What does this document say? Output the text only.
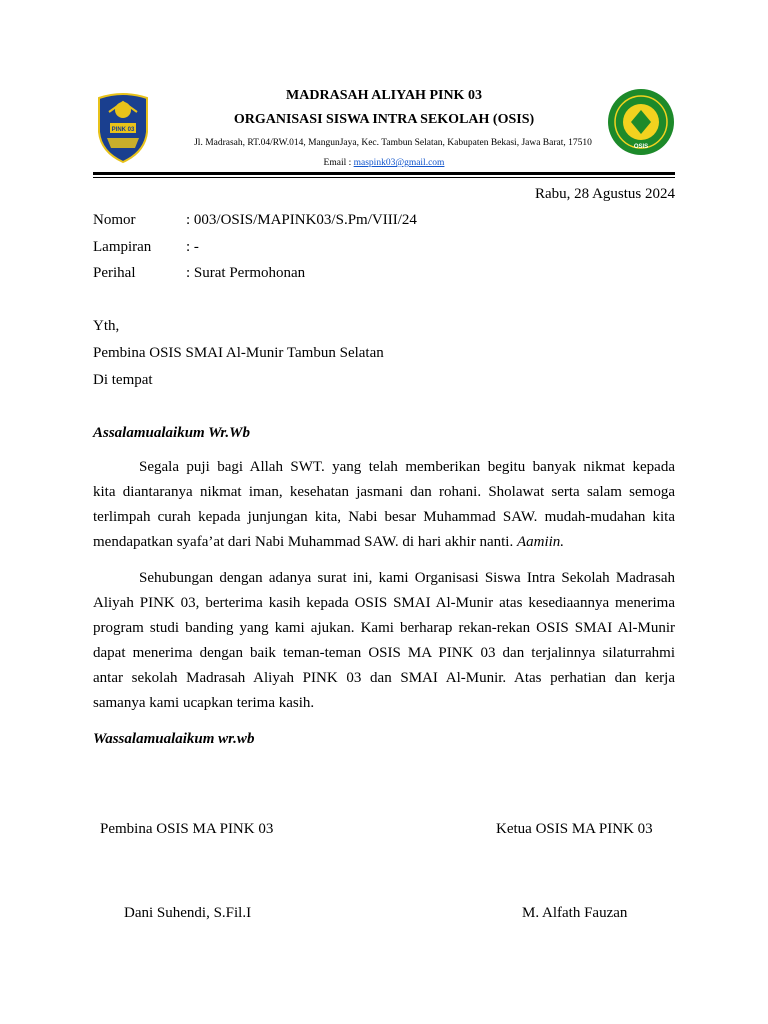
PINK 03
OSIS
MADRASAH ALIYAH PINK 03
ORGANISASI SISWA INTRA SEKOLAH (OSIS)
Jl. Madrasah, RT.04/RW.014, MangunJaya, Kec. Tambun Selatan, Kabupaten Bekasi, Jawa Barat, 17510
Email : maspink03@gmail.com
Rabu, 28 Agustus 2024
Nomor	: 003/OSIS/MAPINK03/S.Pm/VIII/24
Lampiran : -
Perihal	: Surat Permohonan
Yth,
Pembina OSIS SMAI Al-Munir Tambun Selatan
Di tempat
Assalamualaikum Wr.Wb
Segala puji bagi Allah SWT. yang telah memberikan begitu banyak nikmat kepada
kita diantaranya nikmat iman, kesehatan jasmani dan rohani. Sholawat serta salam semoga
terlimpah curah kepada junjungan kita, Nabi besar Muhammad SAW. mudah-mudahan kita
mendapatkan syafa’at dari Nabi Muhammad SAW. di hari akhir nanti. Aamiin.
Sehubungan dengan adanya surat ini, kami Organisasi Siswa Intra Sekolah Madrasah
Aliyah PINK 03, berterima kasih kepada OSIS SMAI Al-Munir atas kesediaannya menerima
program studi banding yang kami ajukan. Kami berharap rekan-rekan OSIS SMAI Al-Munir
dapat menerima dengan baik teman-teman OSIS MA PINK 03 dan terjalinnya silaturrahmi
antar sekolah Madrasah Aliyah PINK 03 dan SMAI Al-Munir. Atas perhatian dan kerja
samanya kami ucapkan terima kasih.
Wassalamualaikum wr.wb
Pembina OSIS MA PINK 03	Ketua OSIS MA PINK 03
Dani Suhendi, S.Fil.I	M. Alfath Fauzan
